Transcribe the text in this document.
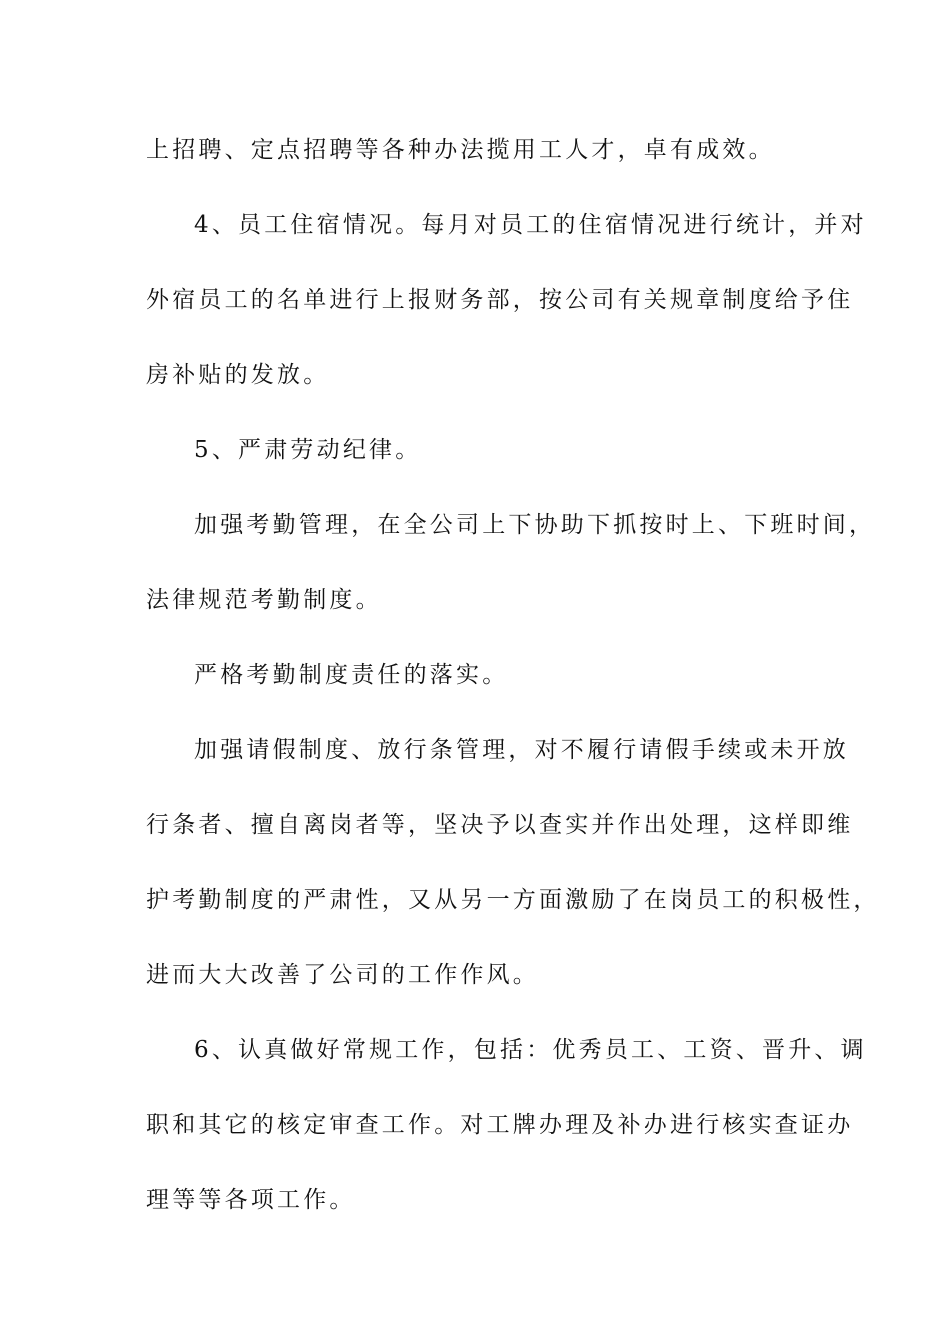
上招聘、定点招聘等各种办法揽用工人才，卓有成效。
4、员工住宿情况。每月对员工的住宿情况进行统计，并对
外宿员工的名单进行上报财务部，按公司有关规章制度给予住
房补贴的发放。
5、严肃劳动纪律。
加强考勤管理，在全公司上下协助下抓按时上、下班时间，
法律规范考勤制度。
严格考勤制度责任的落实。
加强请假制度、放行条管理，对不履行请假手续或未开放
行条者、擅自离岗者等，坚决予以查实并作出处理，这样即维
护考勤制度的严肃性，又从另一方面激励了在岗员工的积极性，
进而大大改善了公司的工作作风。
6、认真做好常规工作，包括：优秀员工、工资、晋升、调
职和其它的核定审查工作。对工牌办理及补办进行核实查证办
理等等各项工作。
